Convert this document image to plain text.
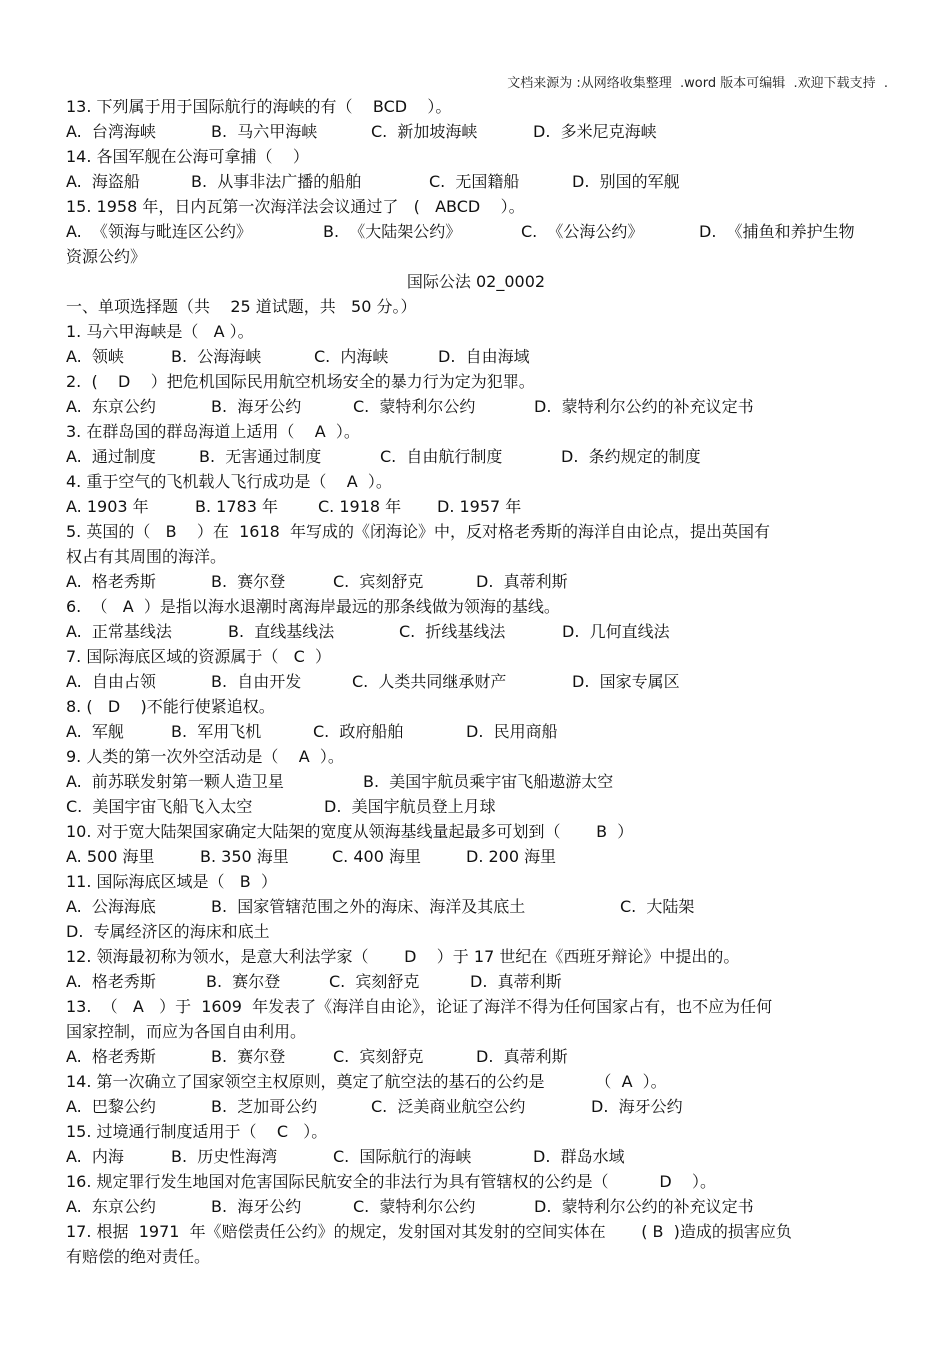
文档来源为 :从网络收集整理  .word 版本可编辑  .欢迎下载支持  .

13. 下列属于用于国际航行的海峡的有（    BCD    ）。

A.  台湾海峡	B.  马六甲海峡	C.  新加坡海峡	D.  多米尼克海峡

14. 各国军舰在公海可拿捕（    ）

A.  海盗船	B.  从事非法广播的船舶	C.  无国籍船	D.  别国的军舰

15. 1958 年，日内瓦第一次海洋法会议通过了   (   ABCD    ）。

A.  《领海与毗连区公约》	B.  《大陆架公约》	C.  《公海公约》	D.  《捕鱼和养护生物

资源公约》

国际公法 02_0002

一、单项选择题（共    25 道试题，共   50 分。）

1. 马六甲海峡是（   A ）。

A.  领峡	B.  公海海峡	C.  内海峡	D.  自由海域

2.  (    D    ）把危机国际民用航空机场安全的暴力行为定为犯罪。

A.  东京公约	B.  海牙公约	C.  蒙特利尔公约	D.  蒙特利尔公约的补充议定书

3. 在群岛国的群岛海道上适用（    A  ）。

A.  通过制度	B.  无害通过制度	C.  自由航行制度	D.  条约规定的制度

4. 重于空气的飞机载人飞行成功是（    A  ）。

A. 1903 年	B. 1783 年	C. 1918 年	D. 1957 年

5. 英国的（   B    ）在  1618  年写成的《闭海论》中，反对格老秀斯的海洋自由论点，提出英国有

权占有其周围的海洋。

A.  格老秀斯	B.  赛尔登	C.  宾刻舒克	D.  真蒂利斯

6.  （   A  ）是指以海水退潮时离海岸最远的那条线做为领海的基线。

A.  正常基线法	B.  直线基线法	C.  折线基线法	D.  几何直线法

7. 国际海底区域的资源属于（   C  ）

A.  自由占领	B.  自由开发	C.  人类共同继承财产	D.  国家专属区

8. (   D    )不能行使紧追权。

A.  军舰	B.  军用飞机	C.  政府船舶	D.  民用商船

9. 人类的第一次外空活动是（    A  ）。

A.  前苏联发射第一颗人造卫星	B.  美国宇航员乘宇宙飞船遨游太空
C.  美国宇宙飞船飞入太空	D.  美国宇航员登上月球

10. 对于宽大陆架国家确定大陆架的宽度从领海基线量起最多可划到（       B  ）

A. 500 海里	B. 350 海里	C. 400 海里	D. 200 海里

11. 国际海底区域是（   B  ）

A.  公海海底	B.  国家管辖范围之外的海床、海洋及其底土	C.  大陆架
D.  专属经济区的海床和底土

12. 领海最初称为领水，是意大利法学家（       D    ）于 17 世纪在《西班牙辩论》中提出的。

A.  格老秀斯	B.  赛尔登	C.  宾刻舒克	D.  真蒂利斯

13.  （   A   ）于  1609  年发表了《海洋自由论》，论证了海洋不得为任何国家占有，也不应为任何

国家控制，而应为各国自由利用。

A.  格老秀斯	B.  赛尔登	C.  宾刻舒克	D.  真蒂利斯

14. 第一次确立了国家领空主权原则，奠定了航空法的基石的公约是          （  A  ）。

A.  巴黎公约	B.  芝加哥公约	C.  泛美商业航空公约	D.  海牙公约

15. 过境通行制度适用于（    C   ）。

A.  内海	B.  历史性海湾	C.  国际航行的海峡	D.  群岛水域

16. 规定罪行发生地国对危害国际民航安全的非法行为具有管辖权的公约是（          D    ）。

A.  东京公约	B.  海牙公约	C.  蒙特利尔公约	D.  蒙特利尔公约的补充议定书

17. 根据  1971  年《赔偿责任公约》的规定，发射国对其发射的空间实体在       ( B  )造成的损害应负

有赔偿的绝对责任。
